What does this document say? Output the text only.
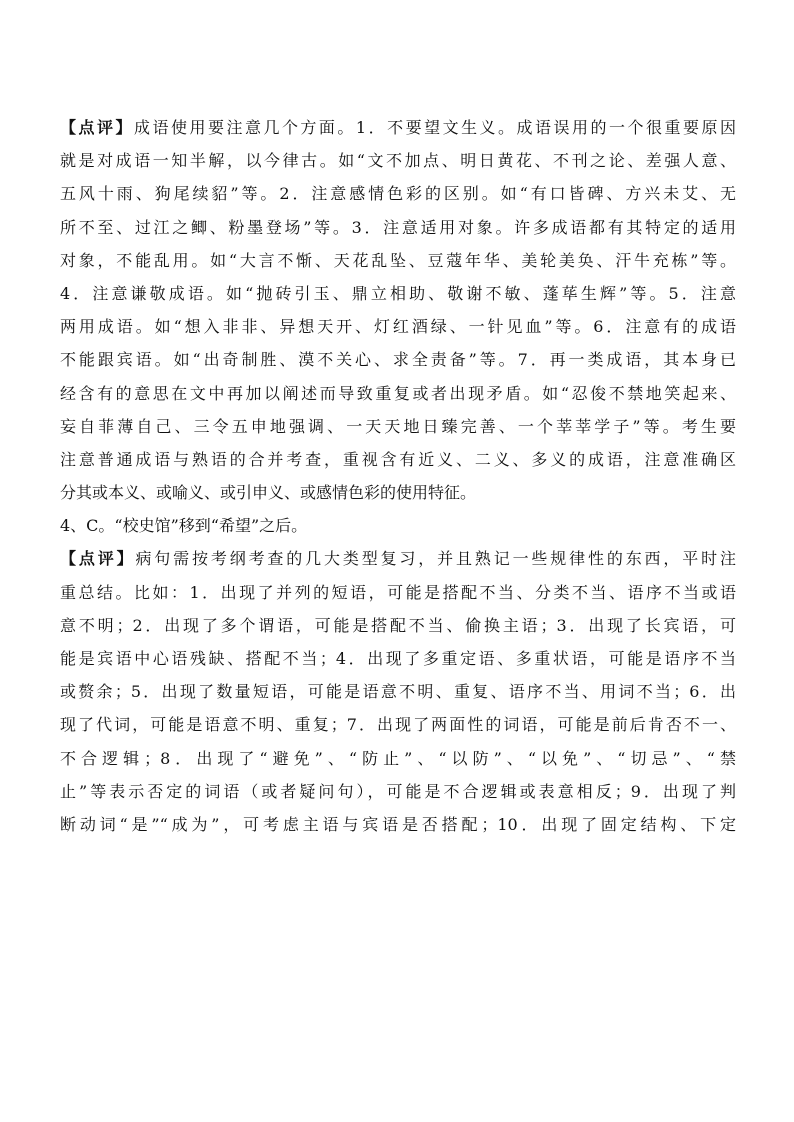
【点评】成语使用要注意几个方面。1．不要望文生义。成语误用的一个很重要原因
就是对成语一知半解，以今律古。如“文不加点、明日黄花、不刊之论、差强人意、
五风十雨、狗尾续貂”等。2．注意感情色彩的区别。如“有口皆碑、方兴未艾、无
所不至、过江之鲫、粉墨登场”等。3．注意适用对象。许多成语都有其特定的适用
对象，不能乱用。如“大言不惭、天花乱坠、豆蔻年华、美轮美奂、汗牛充栋”等。
4．注意谦敬成语。如“抛砖引玉、鼎立相助、敬谢不敏、蓬荜生辉”等。5．注意
两用成语。如“想入非非、异想天开、灯红酒绿、一针见血”等。6．注意有的成语
不能跟宾语。如“出奇制胜、漠不关心、求全责备”等。7．再一类成语，其本身已
经含有的意思在文中再加以阐述而导致重复或者出现矛盾。如“忍俊不禁地笑起来、
妄自菲薄自己、三令五申地强调、一天天地日臻完善、一个莘莘学子”等。考生要
注意普通成语与熟语的合并考查，重视含有近义、二义、多义的成语，注意准确区
分其或本义、或喻义、或引申义、或感情色彩的使用特征。
4、C。“校史馆”移到“希望”之后。
【点评】病句需按考纲考查的几大类型复习，并且熟记一些规律性的东西，平时注
重总结。比如：1．出现了并列的短语，可能是搭配不当、分类不当、语序不当或语
意不明；2．出现了多个谓语，可能是搭配不当、偷换主语；3．出现了长宾语，可
能是宾语中心语残缺、搭配不当；4．出现了多重定语、多重状语，可能是语序不当
或赘余；5．出现了数量短语，可能是语意不明、重复、语序不当、用词不当；6．出
现了代词，可能是语意不明、重复；7．出现了两面性的词语，可能是前后肯否不一、
不合逻辑；8．出现了“避免”、“防止”、“以防”、“以免”、“切忌”、“禁
止”等表示否定的词语（或者疑问句），可能是不合逻辑或表意相反；9．出现了判
断动词“是”“成为”，可考虑主语与宾语是否搭配；10．出现了固定结构、下定
